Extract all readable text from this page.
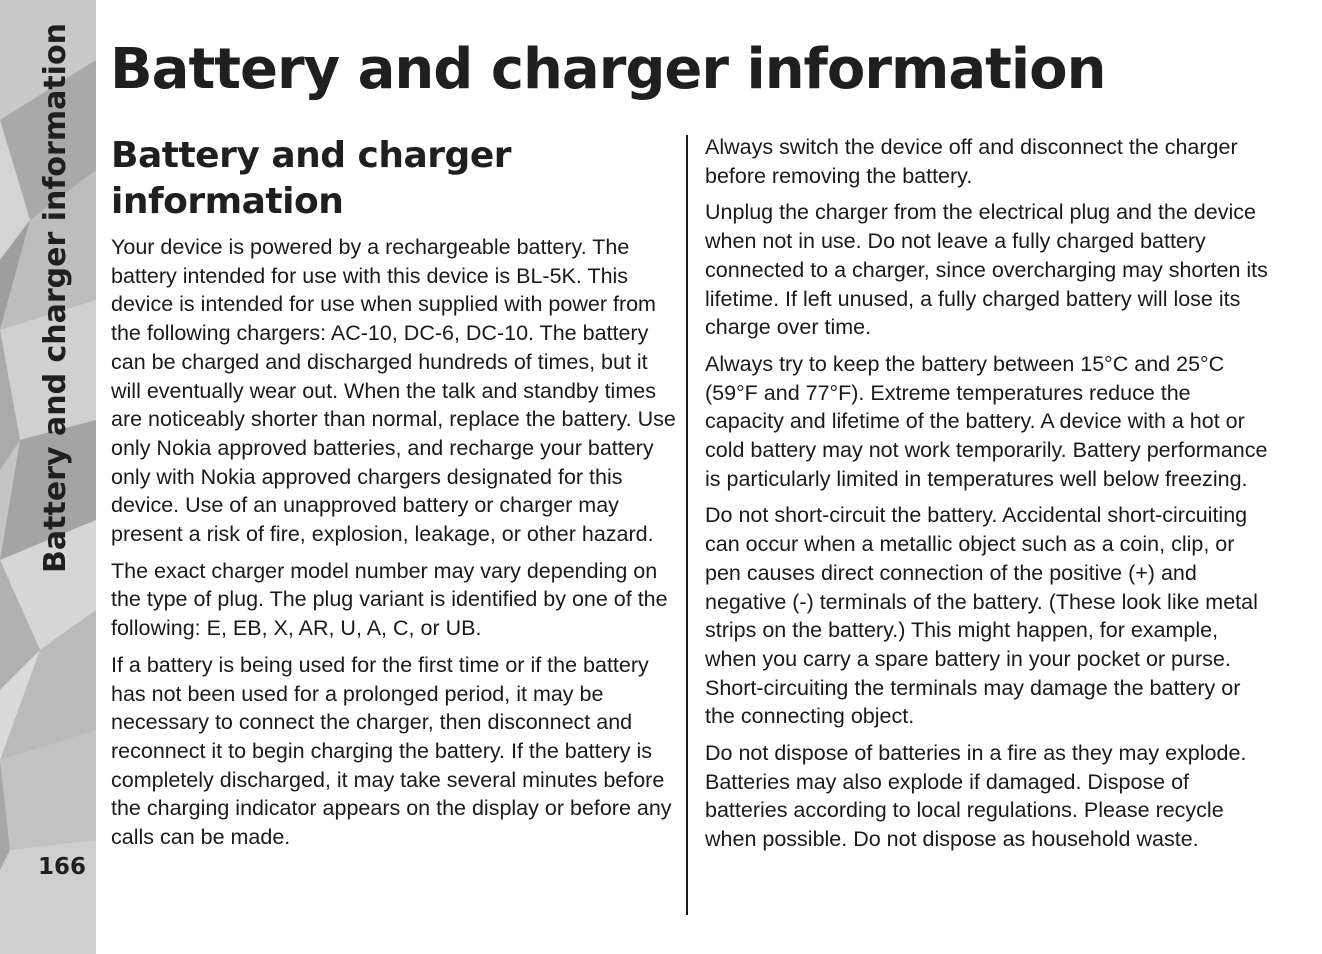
Battery and charger information
166
Battery and charger information
Battery and charger information

Your device is powered by a rechargeable battery. The battery intended for use with this device is BL-5K. This device is intended for use when supplied with power from the following chargers: AC-10, DC-6, DC-10. The battery can be charged and discharged hundreds of times, but it will eventually wear out. When the talk and standby times are noticeably shorter than normal, replace the battery. Use only Nokia approved batteries, and recharge your battery only with Nokia approved chargers designated for this device. Use of an unapproved battery or charger may present a risk of fire, explosion, leakage, or other hazard.

The exact charger model number may vary depending on the type of plug. The plug variant is identified by one of the following: E, EB, X, AR, U, A, C, or UB.

If a battery is being used for the first time or if the battery has not been used for a prolonged period, it may be necessary to connect the charger, then disconnect and reconnect it to begin charging the battery. If the battery is completely discharged, it may take several minutes before the charging indicator appears on the display or before any calls can be made.

Always switch the device off and disconnect the charger before removing the battery.

Unplug the charger from the electrical plug and the device when not in use. Do not leave a fully charged battery connected to a charger, since overcharging may shorten its lifetime. If left unused, a fully charged battery will lose its charge over time.

Always try to keep the battery between 15°C and 25°C (59°F and 77°F). Extreme temperatures reduce the capacity and lifetime of the battery. A device with a hot or cold battery may not work temporarily. Battery performance is particularly limited in temperatures well below freezing.

Do not short-circuit the battery. Accidental short-circuiting can occur when a metallic object such as a coin, clip, or pen causes direct connection of the positive (+) and negative (-) terminals of the battery. (These look like metal strips on the battery.) This might happen, for example, when you carry a spare battery in your pocket or purse. Short-circuiting the terminals may damage the battery or the connecting object.

Do not dispose of batteries in a fire as they may explode. Batteries may also explode if damaged. Dispose of batteries according to local regulations. Please recycle when possible. Do not dispose as household waste.
